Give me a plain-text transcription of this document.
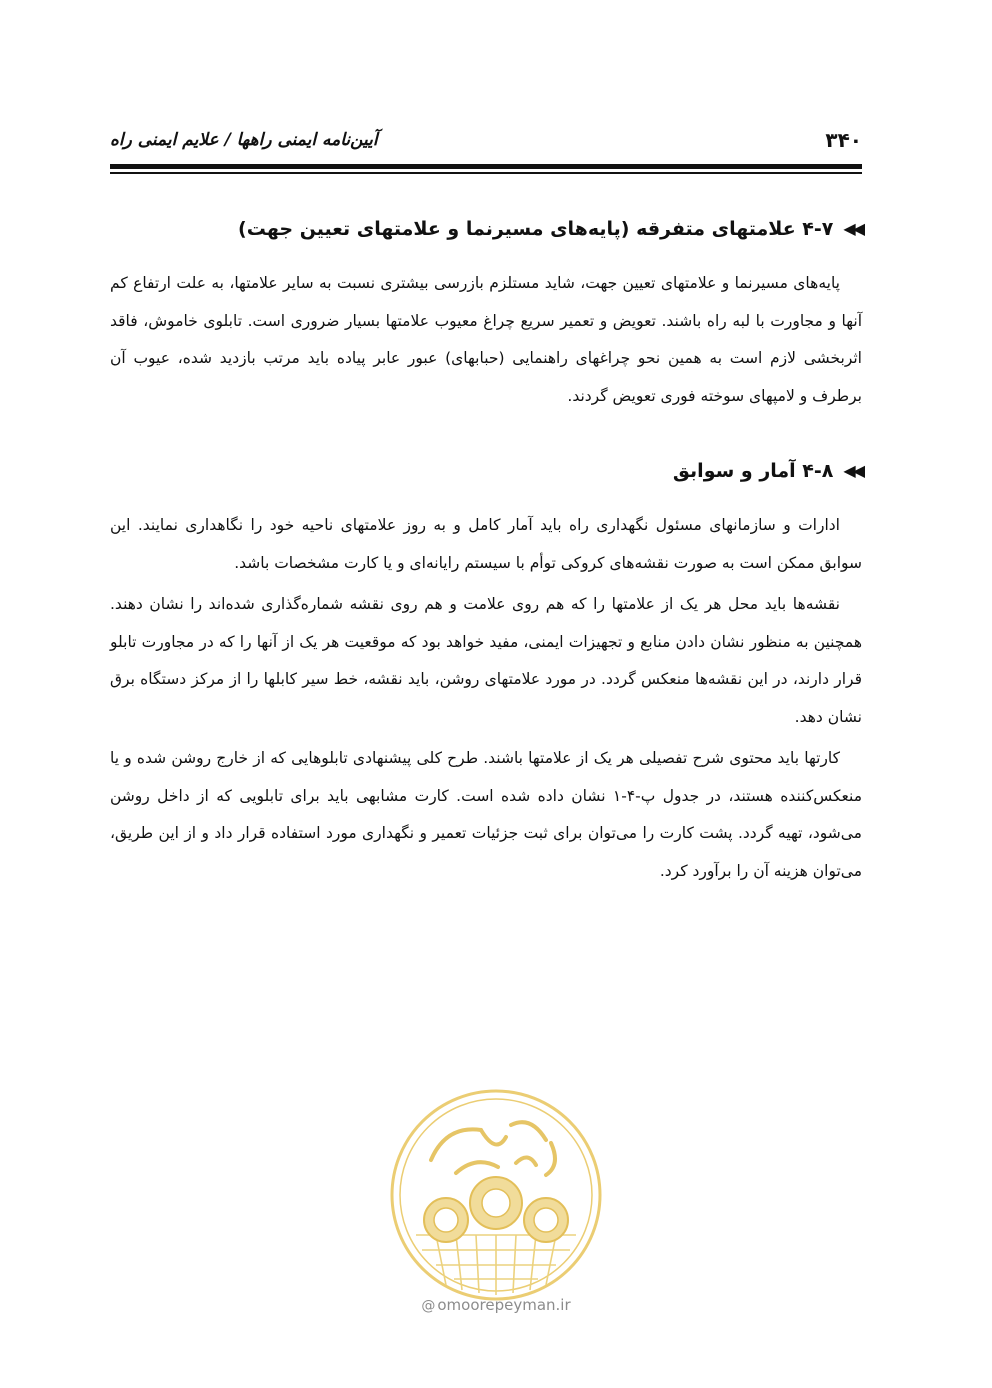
۳۴۰
آیین‌نامه ایمنی راهها / علایم ایمنی راه
◀◀
۴-۷ علامتهای متفرقه (پایه‌های مسیرنما و علامتهای تعیین جهت)

پایه‌های مسیرنما و علامتهای تعیین جهت، شاید مستلزم بازرسی بیشتری نسبت به سایر علامتها، به علت ارتفاع کم آنها و مجاورت با لبه راه باشند. تعویض و تعمیر سریع چراغ معیوب علامتها بسیار ضروری است. تابلوی خاموش، فاقد اثربخشی لازم است به همین نحو چراغهای راهنمایی (حبابهای) عبور عابر پیاده باید مرتب بازدید شده، عیوب آن برطرف و لامپهای سوخته فوری تعویض گردند.

◀◀
۴-۸ آمار و سوابق

ادارات و سازمانهای مسئول نگهداری راه باید آمار کامل و به روز علامتهای ناحیه خود را نگاهداری نمایند. این سوابق ممکن است به صورت نقشه‌های کروکی توأم با سیستم رایانه‌ای و یا کارت مشخصات باشد.

نقشه‌ها باید محل هر یک از علامتها را که هم روی علامت و هم روی نقشه شماره‌گذاری شده‌اند را نشان دهند. همچنین به منظور نشان دادن منابع و تجهیزات ایمنی، مفید خواهد بود که موقعیت هر یک از آنها را که در مجاورت تابلو قرار دارند، در این نقشه‌ها منعکس گردد. در مورد علامتهای روشن، باید نقشه، خط سیر کابلها را از مرکز دستگاه برق نشان دهد.

کارتها باید محتوی شرح تفصیلی هر یک از علامتها باشند. طرح کلی پیشنهادی تابلوهایی که از خارج روشن شده و یا منعکس‌کننده هستند، در جدول پ-۴-۱ نشان داده شده است. کارت مشابهی باید برای تابلویی که از داخل روشن می‌شود، تهیه گردد. پشت کارت را می‌توان برای ثبت جزئیات تعمیر و نگهداری مورد استفاده قرار داد و از این طریق، می‌توان هزینه آن را برآورد کرد.

@ omoorepeyman.ir
